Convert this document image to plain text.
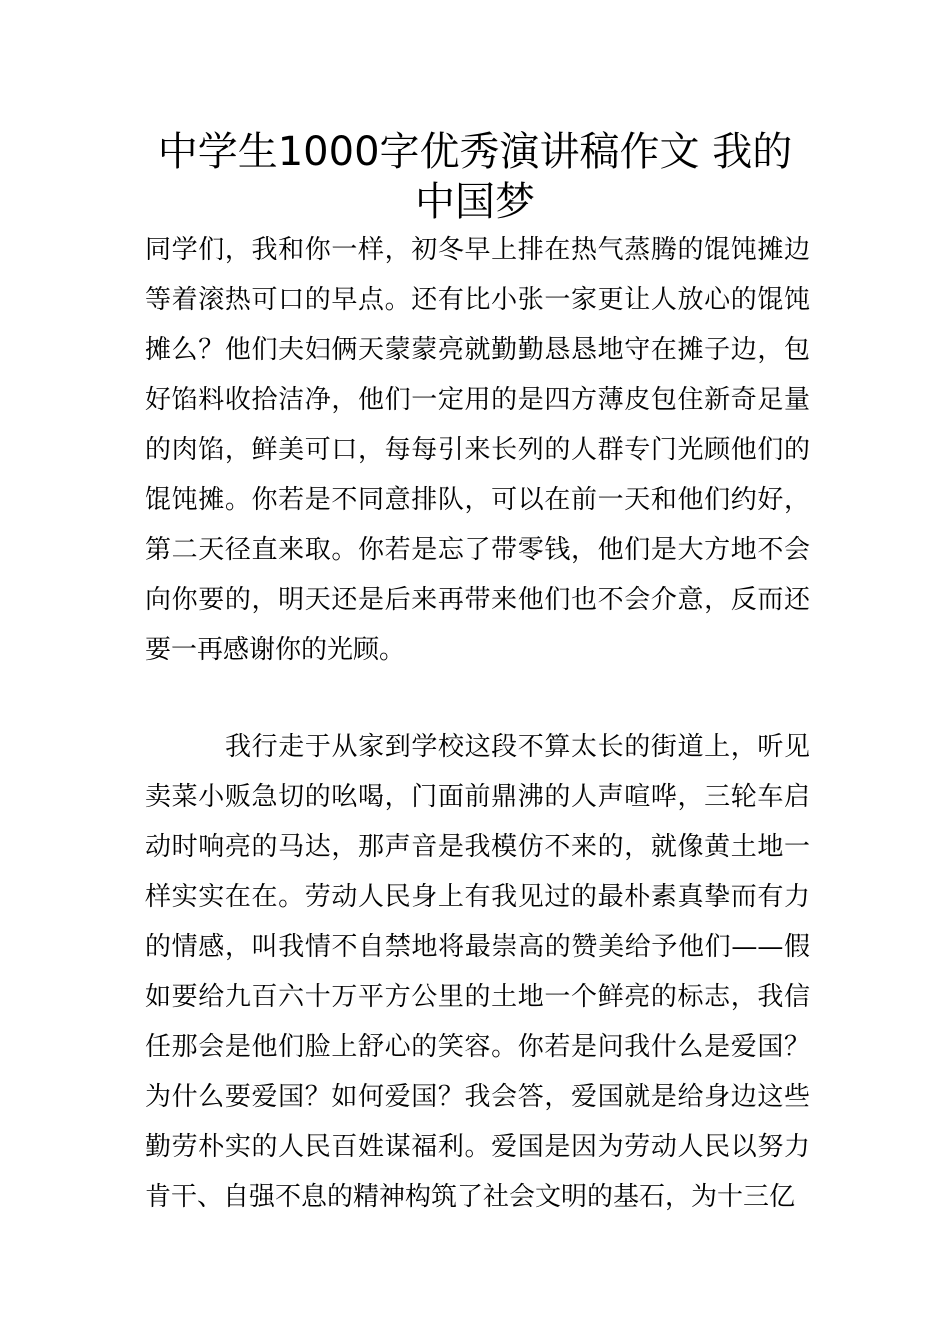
中学生1000字优秀演讲稿作文 我的中国梦

同学们，我和你一样，初冬早上排在热气蒸腾的馄饨摊边等着滚热可口的早点。还有比小张一家更让人放心的馄饨摊么？他们夫妇俩天蒙蒙亮就勤勤恳恳地守在摊子边，包好馅料收拾洁净，他们一定用的是四方薄皮包住新奇足量的肉馅，鲜美可口，每每引来长列的人群专门光顾他们的馄饨摊。你若是不同意排队，可以在前一天和他们约好，第二天径直来取。你若是忘了带零钱，他们是大方地不会向你要的，明天还是后来再带来他们也不会介意，反而还要一再感谢你的光顾。

我行走于从家到学校这段不算太长的街道上，听见卖菜小贩急切的吆喝，门面前鼎沸的人声喧哗，三轮车启动时响亮的马达，那声音是我模仿不来的，就像黄土地一样实实在在。劳动人民身上有我见过的最朴素真挚而有力的情感，叫我情不自禁地将最崇高的赞美给予他们——假如要给九百六十万平方公里的土地一个鲜亮的标志，我信任那会是他们脸上舒心的笑容。你若是问我什么是爱国？为什么要爱国？如何爱国？我会答，爱国就是给身边这些勤劳朴实的人民百姓谋福利。爱国是因为劳动人民以努力肯干、自强不息的精神构筑了社会文明的基石，为十三亿
